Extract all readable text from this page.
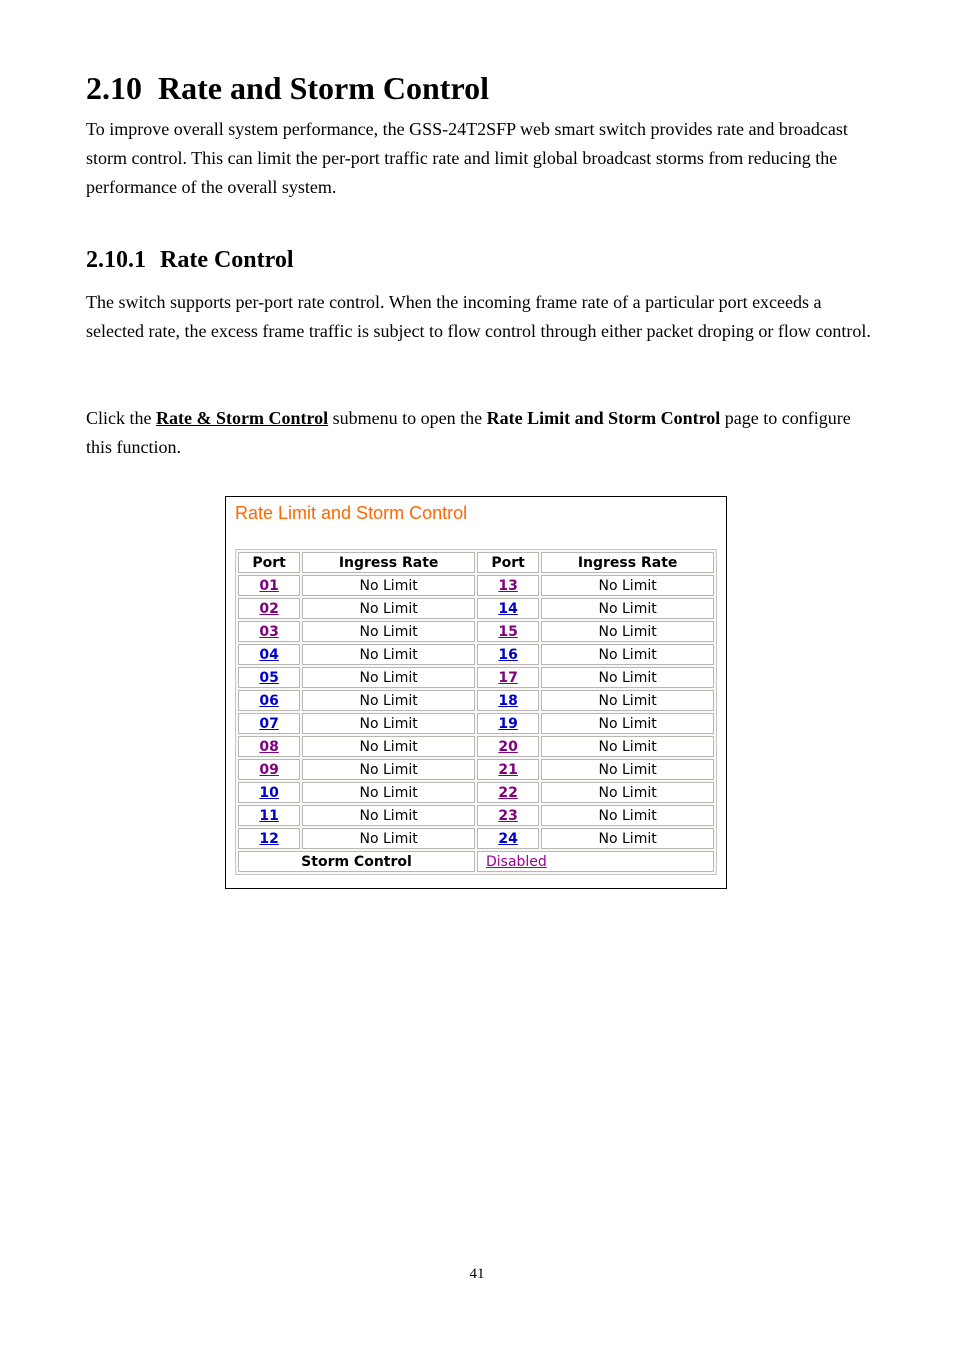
2.10 Rate and Storm Control

To improve overall system performance, the GSS-24T2SFP web smart switch provides rate and broadcast storm control. This can limit the per-port traffic rate and limit global broadcast storms from reducing the performance of the overall system.

2.10.1 Rate Control

The switch supports per-port rate control. When the incoming frame rate of a particular port exceeds a selected rate, the excess frame traffic is subject to flow control through either packet droping or flow control.

Click the Rate & Storm Control submenu to open the Rate Limit and Storm Control page to configure this function.

Rate Limit and Storm Control
Port	Ingress Rate	Port	Ingress Rate
01	No Limit	13	No Limit
02	No Limit	14	No Limit
03	No Limit	15	No Limit
04	No Limit	16	No Limit
05	No Limit	17	No Limit
06	No Limit	18	No Limit
07	No Limit	19	No Limit
08	No Limit	20	No Limit
09	No Limit	21	No Limit
10	No Limit	22	No Limit
11	No Limit	23	No Limit
12	No Limit	24	No Limit
Storm Control		Disabled	
41
